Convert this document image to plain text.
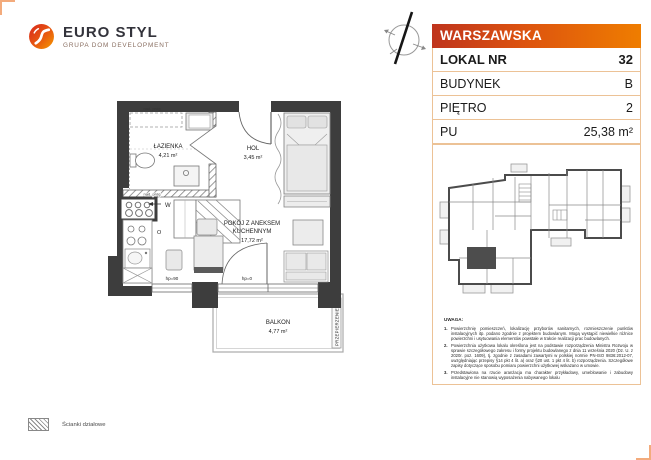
EURO STYL
GRUPA DOM DEVELOPMENT
WARSZAWSKA
LOKAL NR	32
BUDYNEK	B
PIĘTRO	2
PU	25,38 m²
UWAGA:
1. Powierzchnię pomieszczeń, lokalizację przyborów sanitarnych, rozmieszczenie punktów instalacyjnych itp. podano zgodnie z projektem budowlanym. Mogą wystąpić niewielkie różnice powierzchni i usytuowania elementów powstałe w trakcie realizacji prac budowlanych.
2. Powierzchnia użytkowa lokalu określona jest na podstawie rozporządzenia Ministra Rozwoju w sprawie szczegółowego zakresu i formy projektu budowlanego z dnia 11 września 2020 (Dz. U. z 2020r. poz. 1609), tj. zgodnie z zasadami zawartymi w polskiej normie PN-ISO 9836:2012-07, uwzględniając przepisy §14 pkt 4 lit. a) oraz §20 ust. 1 pkt 4 lit. b) rozporządzenia. Szczegółowe zapisy dotyczące sposobu pomiaru powierzchni użytkowej wskazano w umowie.
3. Przedstawiona na rzucie aranżacja ma charakter przykładowy, umeblowanie i zabudowy instalacyjne nie stanowią wyposażenia nabywanego lokalu
W
nad. próg
nad. próg
O
ŁAZIENKA
4,21 m²
HOL
3,45 m²
POKÓJ Z ANEKSEM
KUCHENNYM
17,72 m²
BALKON
4,77 m²
hp=90	hp=0
PRZEPIERZENIE
Ścianki działowe
